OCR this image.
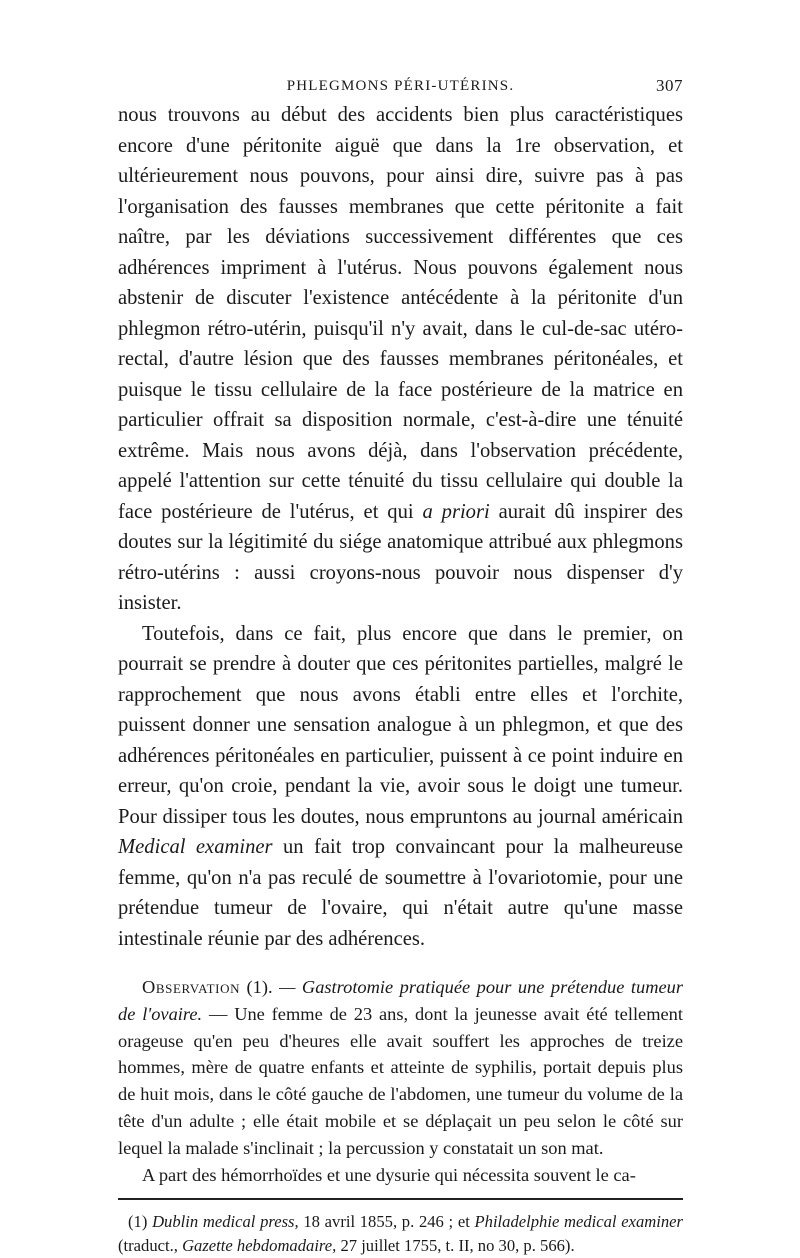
PHLEGMONS PÉRI-UTÉRINS.	307

nous trouvons au début des accidents bien plus caractéristiques encore d'une péritonite aiguë que dans la 1re observation, et ultérieurement nous pouvons, pour ainsi dire, suivre pas à pas l'organisation des fausses membranes que cette péritonite a fait naître, par les déviations successivement différentes que ces adhérences impriment à l'utérus. Nous pouvons également nous abstenir de discuter l'existence antécédente à la péritonite d'un phlegmon rétro-utérin, puisqu'il n'y avait, dans le cul-de-sac utéro-rectal, d'autre lésion que des fausses membranes péritonéales, et puisque le tissu cellulaire de la face postérieure de la matrice en particulier offrait sa disposition normale, c'est-à-dire une ténuité extrême. Mais nous avons déjà, dans l'observation précédente, appelé l'attention sur cette ténuité du tissu cellulaire qui double la face postérieure de l'utérus, et qui a priori aurait dû inspirer des doutes sur la légitimité du siége anatomique attribué aux phlegmons rétro-utérins : aussi croyons-nous pouvoir nous dispenser d'y insister.

Toutefois, dans ce fait, plus encore que dans le premier, on pourrait se prendre à douter que ces péritonites partielles, malgré le rapprochement que nous avons établi entre elles et l'orchite, puissent donner une sensation analogue à un phlegmon, et que des adhérences péritonéales en particulier, puissent à ce point induire en erreur, qu'on croie, pendant la vie, avoir sous le doigt une tumeur. Pour dissiper tous les doutes, nous empruntons au journal américain Medical examiner un fait trop convaincant pour la malheureuse femme, qu'on n'a pas reculé de soumettre à l'ovariotomie, pour une prétendue tumeur de l'ovaire, qui n'était autre qu'une masse intestinale réunie par des adhérences.

Observation (1). — Gastrotomie pratiquée pour une prétendue tumeur de l'ovaire. — Une femme de 23 ans, dont la jeunesse avait été tellement orageuse qu'en peu d'heures elle avait souffert les approches de treize hommes, mère de quatre enfants et atteinte de syphilis, portait depuis plus de huit mois, dans le côté gauche de l'abdomen, une tumeur du volume de la tête d'un adulte ; elle était mobile et se déplaçait un peu selon le côté sur lequel la malade s'inclinait ; la percussion y constatait un son mat.

A part des hémorrhoïdes et une dysurie qui nécessita souvent le ca-

(1) Dublin medical press, 18 avril 1855, p. 246 ; et Philadelphie medical examiner (traduct., Gazette hebdomadaire, 27 juillet 1755, t. II, no 30, p. 566).
